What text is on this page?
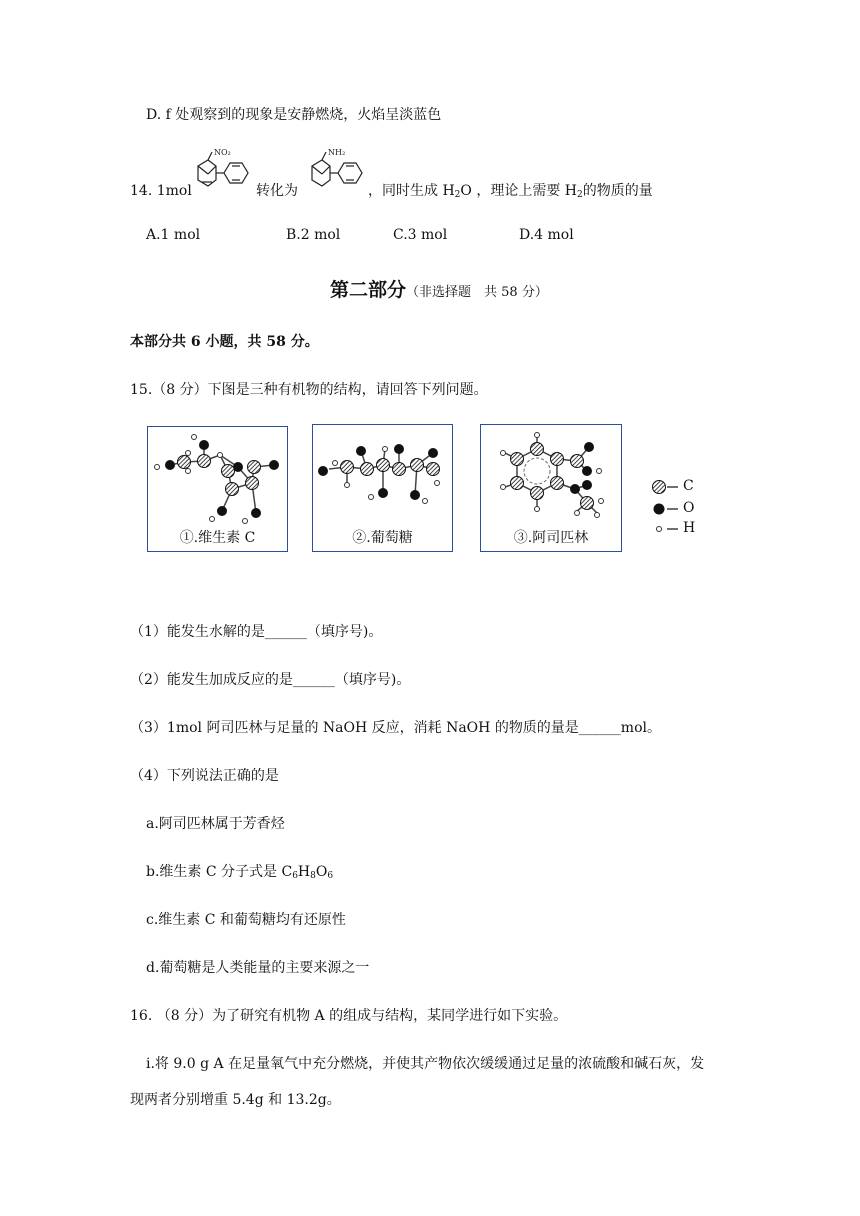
D. f 处观察到的现象是安静燃烧，火焰呈淡蓝色
14. 1mol
NO₂
转化为
NH₂
，同时生成 $H_2O$ ，理论上需要 $H_2$的物质的量
A.1 mol	B.2 mol	C.3 mol	D.4 mol
第二部分（非选择题　共 58 分）
本部分共 6 小题，共 58 分。
15.（8 分）下图是三种有机物的结构，请回答下列问题。
①.维生素 C	②.葡萄糖	③.阿司匹林
C
O
H
（1）能发生水解的是______（填序号)。
（2）能发生加成反应的是______（填序号)。
（3）1mol 阿司匹林与足量的 NaOH 反应，消耗 NaOH 的物质的量是______mol。
（4）下列说法正确的是
a.阿司匹林属于芳香烃
b.维生素 C 分子式是 $C_6H_8O_6$
c.维生素 C 和葡萄糖均有还原性
d.葡萄糖是人类能量的主要来源之一
16. （8 分）为了研究有机物 A 的组成与结构，某同学进行如下实验。
i.将 9.0 g A 在足量氧气中充分燃烧，并使其产物依次缓缓通过足量的浓硫酸和碱石灰，发
现两者分别增重 5.4g 和 13.2g。
